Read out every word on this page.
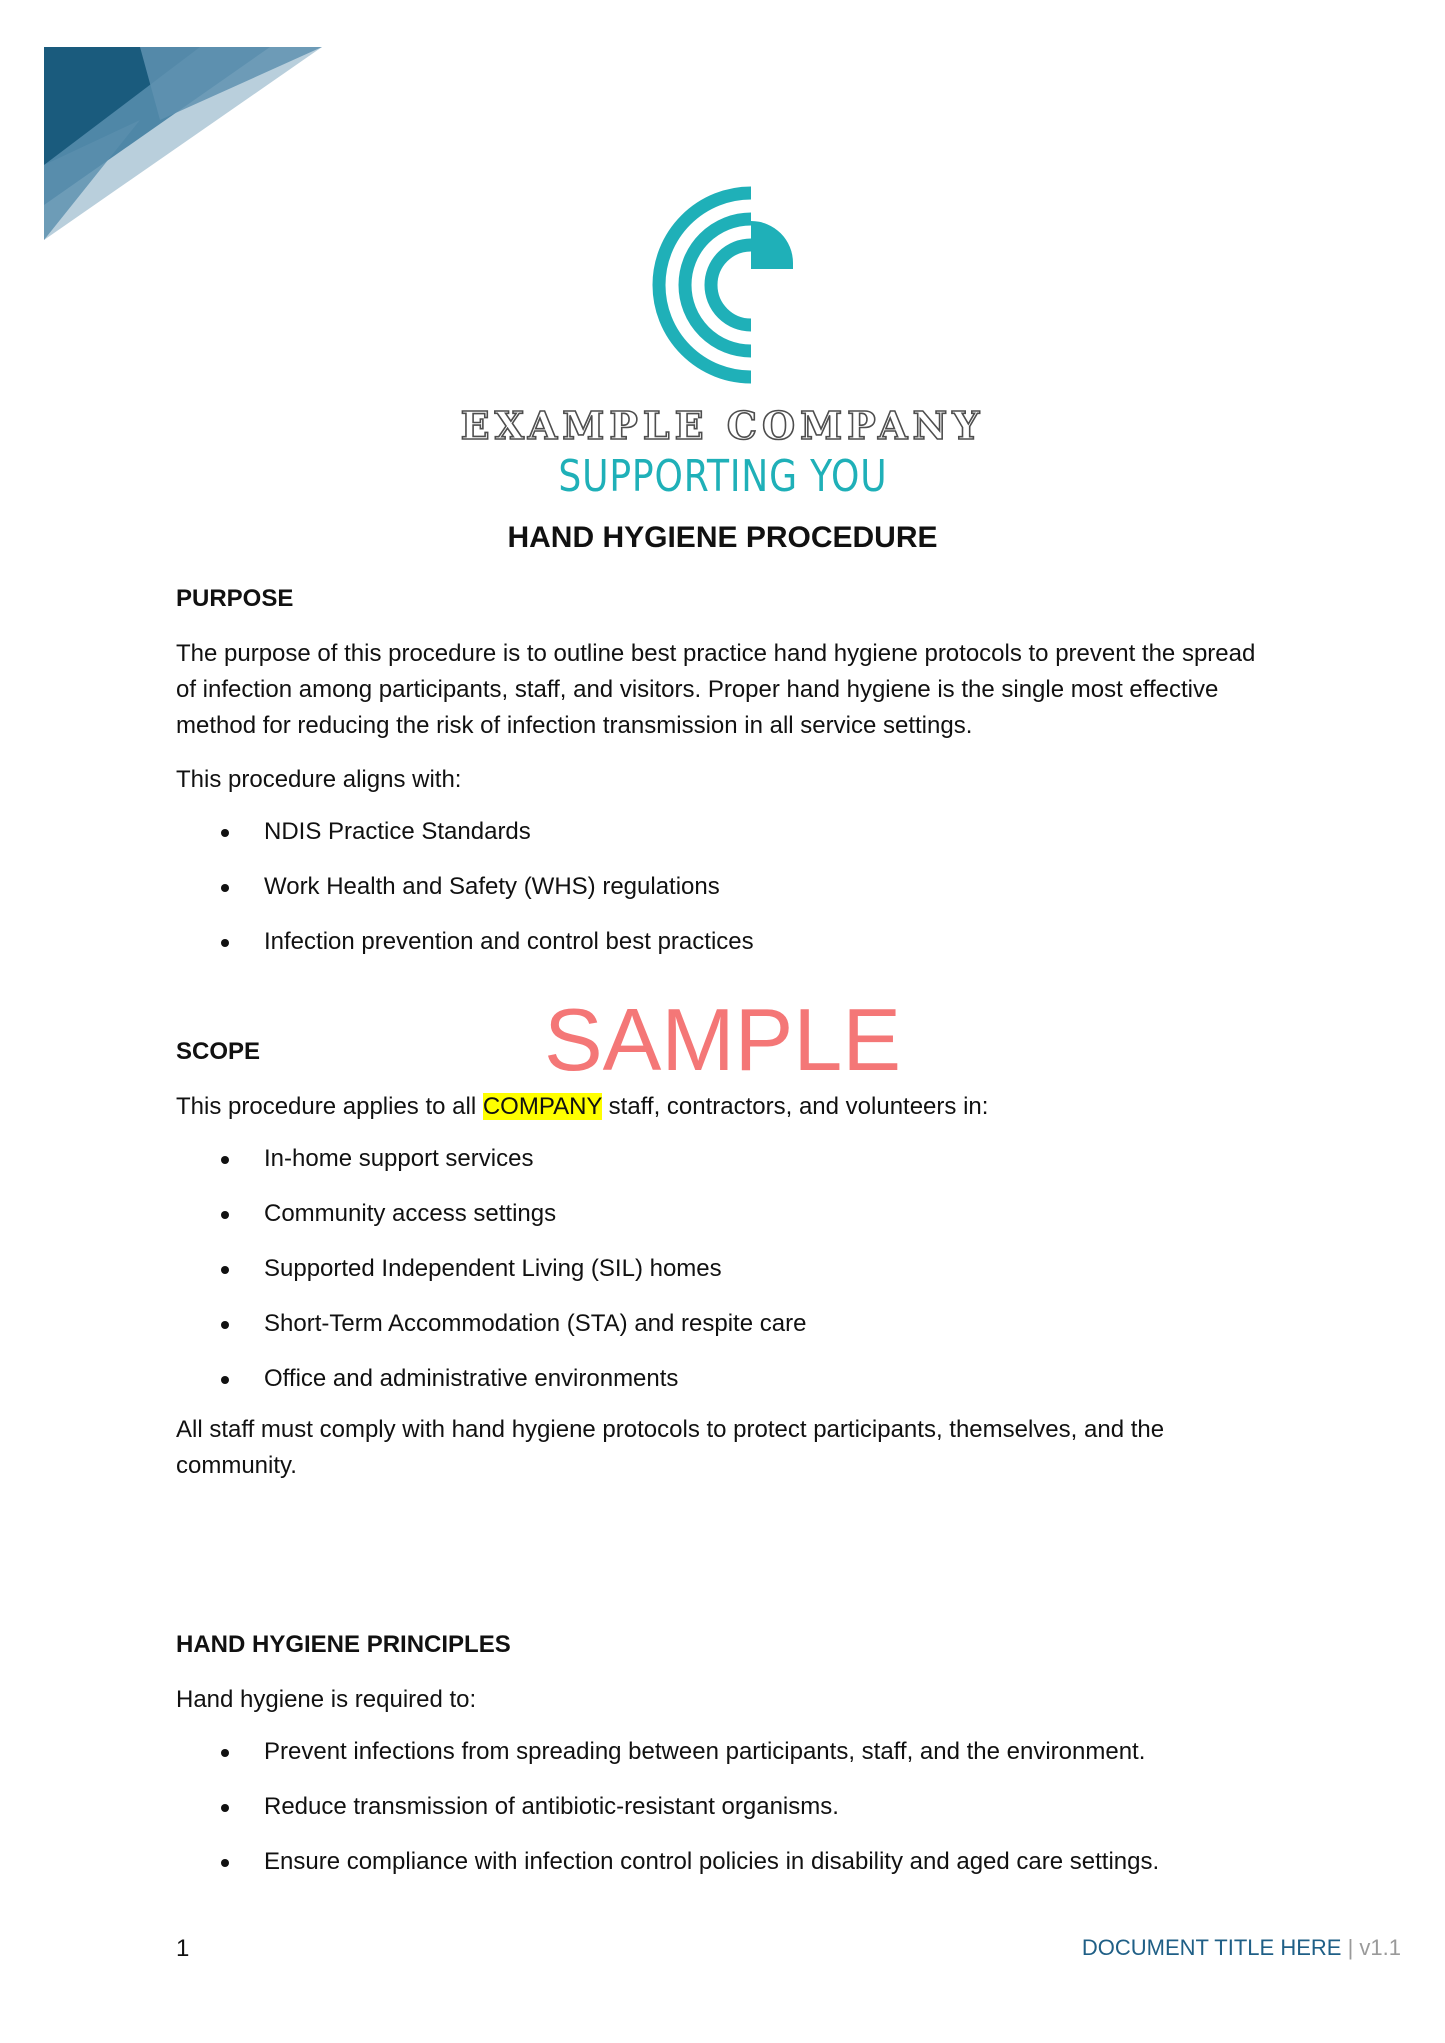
EXAMPLE COMPANY
SUPPORTING YOU
HAND HYGIENE PROCEDURE
SAMPLE

PURPOSE

The purpose of this procedure is to outline best practice hand hygiene protocols to prevent the spread of infection among participants, staff, and visitors. Proper hand hygiene is the single most effective method for reducing the risk of infection transmission in all service settings.

This procedure aligns with:

NDIS Practice Standards
Work Health and Safety (WHS) regulations
Infection prevention and control best practices

SCOPE

This procedure applies to all COMPANY staff, contractors, and volunteers in:

In-home support services
Community access settings
Supported Independent Living (SIL) homes
Short-Term Accommodation (STA) and respite care
Office and administrative environments

All staff must comply with hand hygiene protocols to protect participants, themselves, and the community.

HAND HYGIENE PRINCIPLES

Hand hygiene is required to:

Prevent infections from spreading between participants, staff, and the environment.
Reduce transmission of antibiotic-resistant organisms.
Ensure compliance with infection control policies in disability and aged care settings.
1	DOCUMENT TITLE HERE | v1.1
